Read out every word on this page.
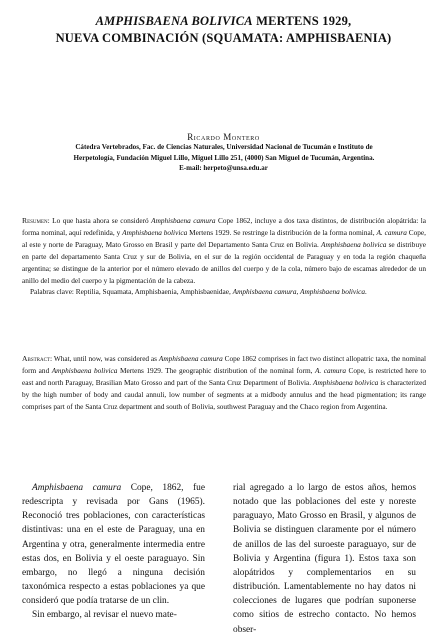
AMPHISBAENA BOLIVICA MERTENS 1929,
NUEVA COMBINACIÓN (SQUAMATA: AMPHISBAENIA)
Ricardo Montero
Cátedra Vertebrados, Fac. de Ciencias Naturales, Universidad Nacional de Tucumán e Instituto de
Herpetología, Fundación Miguel Lillo, Miguel Lillo 251, (4000) San Miguel de Tucumán, Argentina.
E-mail: herpeto@unsa.edu.ar

Resumen: Lo que hasta ahora se consideró Amphisbaena camura Cope 1862, incluye a dos taxa distintos, de distribución alopátrida: la forma nominal, aquí redefinida, y Amphisbaena bolivica Mertens 1929. Se restringe la distribución de la forma nominal, A. camura Cope, al este y norte de Paraguay, Mato Grosso en Brasil y parte del Departamento Santa Cruz en Bolivia. Amphisbaena bolivica se distribuye en parte del departamento Santa Cruz y sur de Bolivia, en el sur de la región occidental de Paraguay y en toda la región chaqueña argentina; se distingue de la anterior por el número elevado de anillos del cuerpo y de la cola, número bajo de escamas alrededor de un anillo del medio del cuerpo y la pigmentación de la cabeza.

Palabras clave: Reptilia, Squamata, Amphisbaenia, Amphisbaenidae, Amphisbaena camura, Amphisbaena bolivica.

Abstract: What, until now, was considered as Amphisbaena camura Cope 1862 comprises in fact two distinct allopatric taxa, the nominal form and Amphisbaena bolivica Mertens 1929. The geographic distribution of the nominal form, A. camura Cope, is restricted here to east and north Paraguay, Brasilian Mato Grosso and part of the Santa Cruz Department of Bolivia. Amphisbaena bolivica is characterized by the high number of body and caudal annuli, low number of segments at a midbody annulus and the head pigmentation; its range comprises part of the Santa Cruz department and south of Bolivia, southwest Paraguay and the Chaco region from Argentina.

Amphisbaena camura Cope, 1862, fue redescripta y revisada por Gans (1965). Reconoció tres poblaciones, con características distintivas: una en el este de Paraguay, una en Argentina y otra, generalmente intermedia entre estas dos, en Bolivia y el oeste paraguayo. Sin embargo, no llegó a ninguna decisión taxonómica respecto a estas poblaciones ya que consideró que podía tratarse de un clin.

Sin embargo, al revisar el nuevo mate-

rial agregado a lo largo de estos años, hemos notado que las poblaciones del este y noreste paraguayo, Mato Grosso en Brasil, y algunos de Bolivia se distinguen claramente por el número de anillos de las del suroeste paraguayo, sur de Bolivia y Argentina (figura 1). Estos taxa son alopátridos y complementarios en su distribución. Lamentablemente no hay datos ni colecciones de lugares que podrían suponerse como sitios de estrecho contacto. No hemos obser-
